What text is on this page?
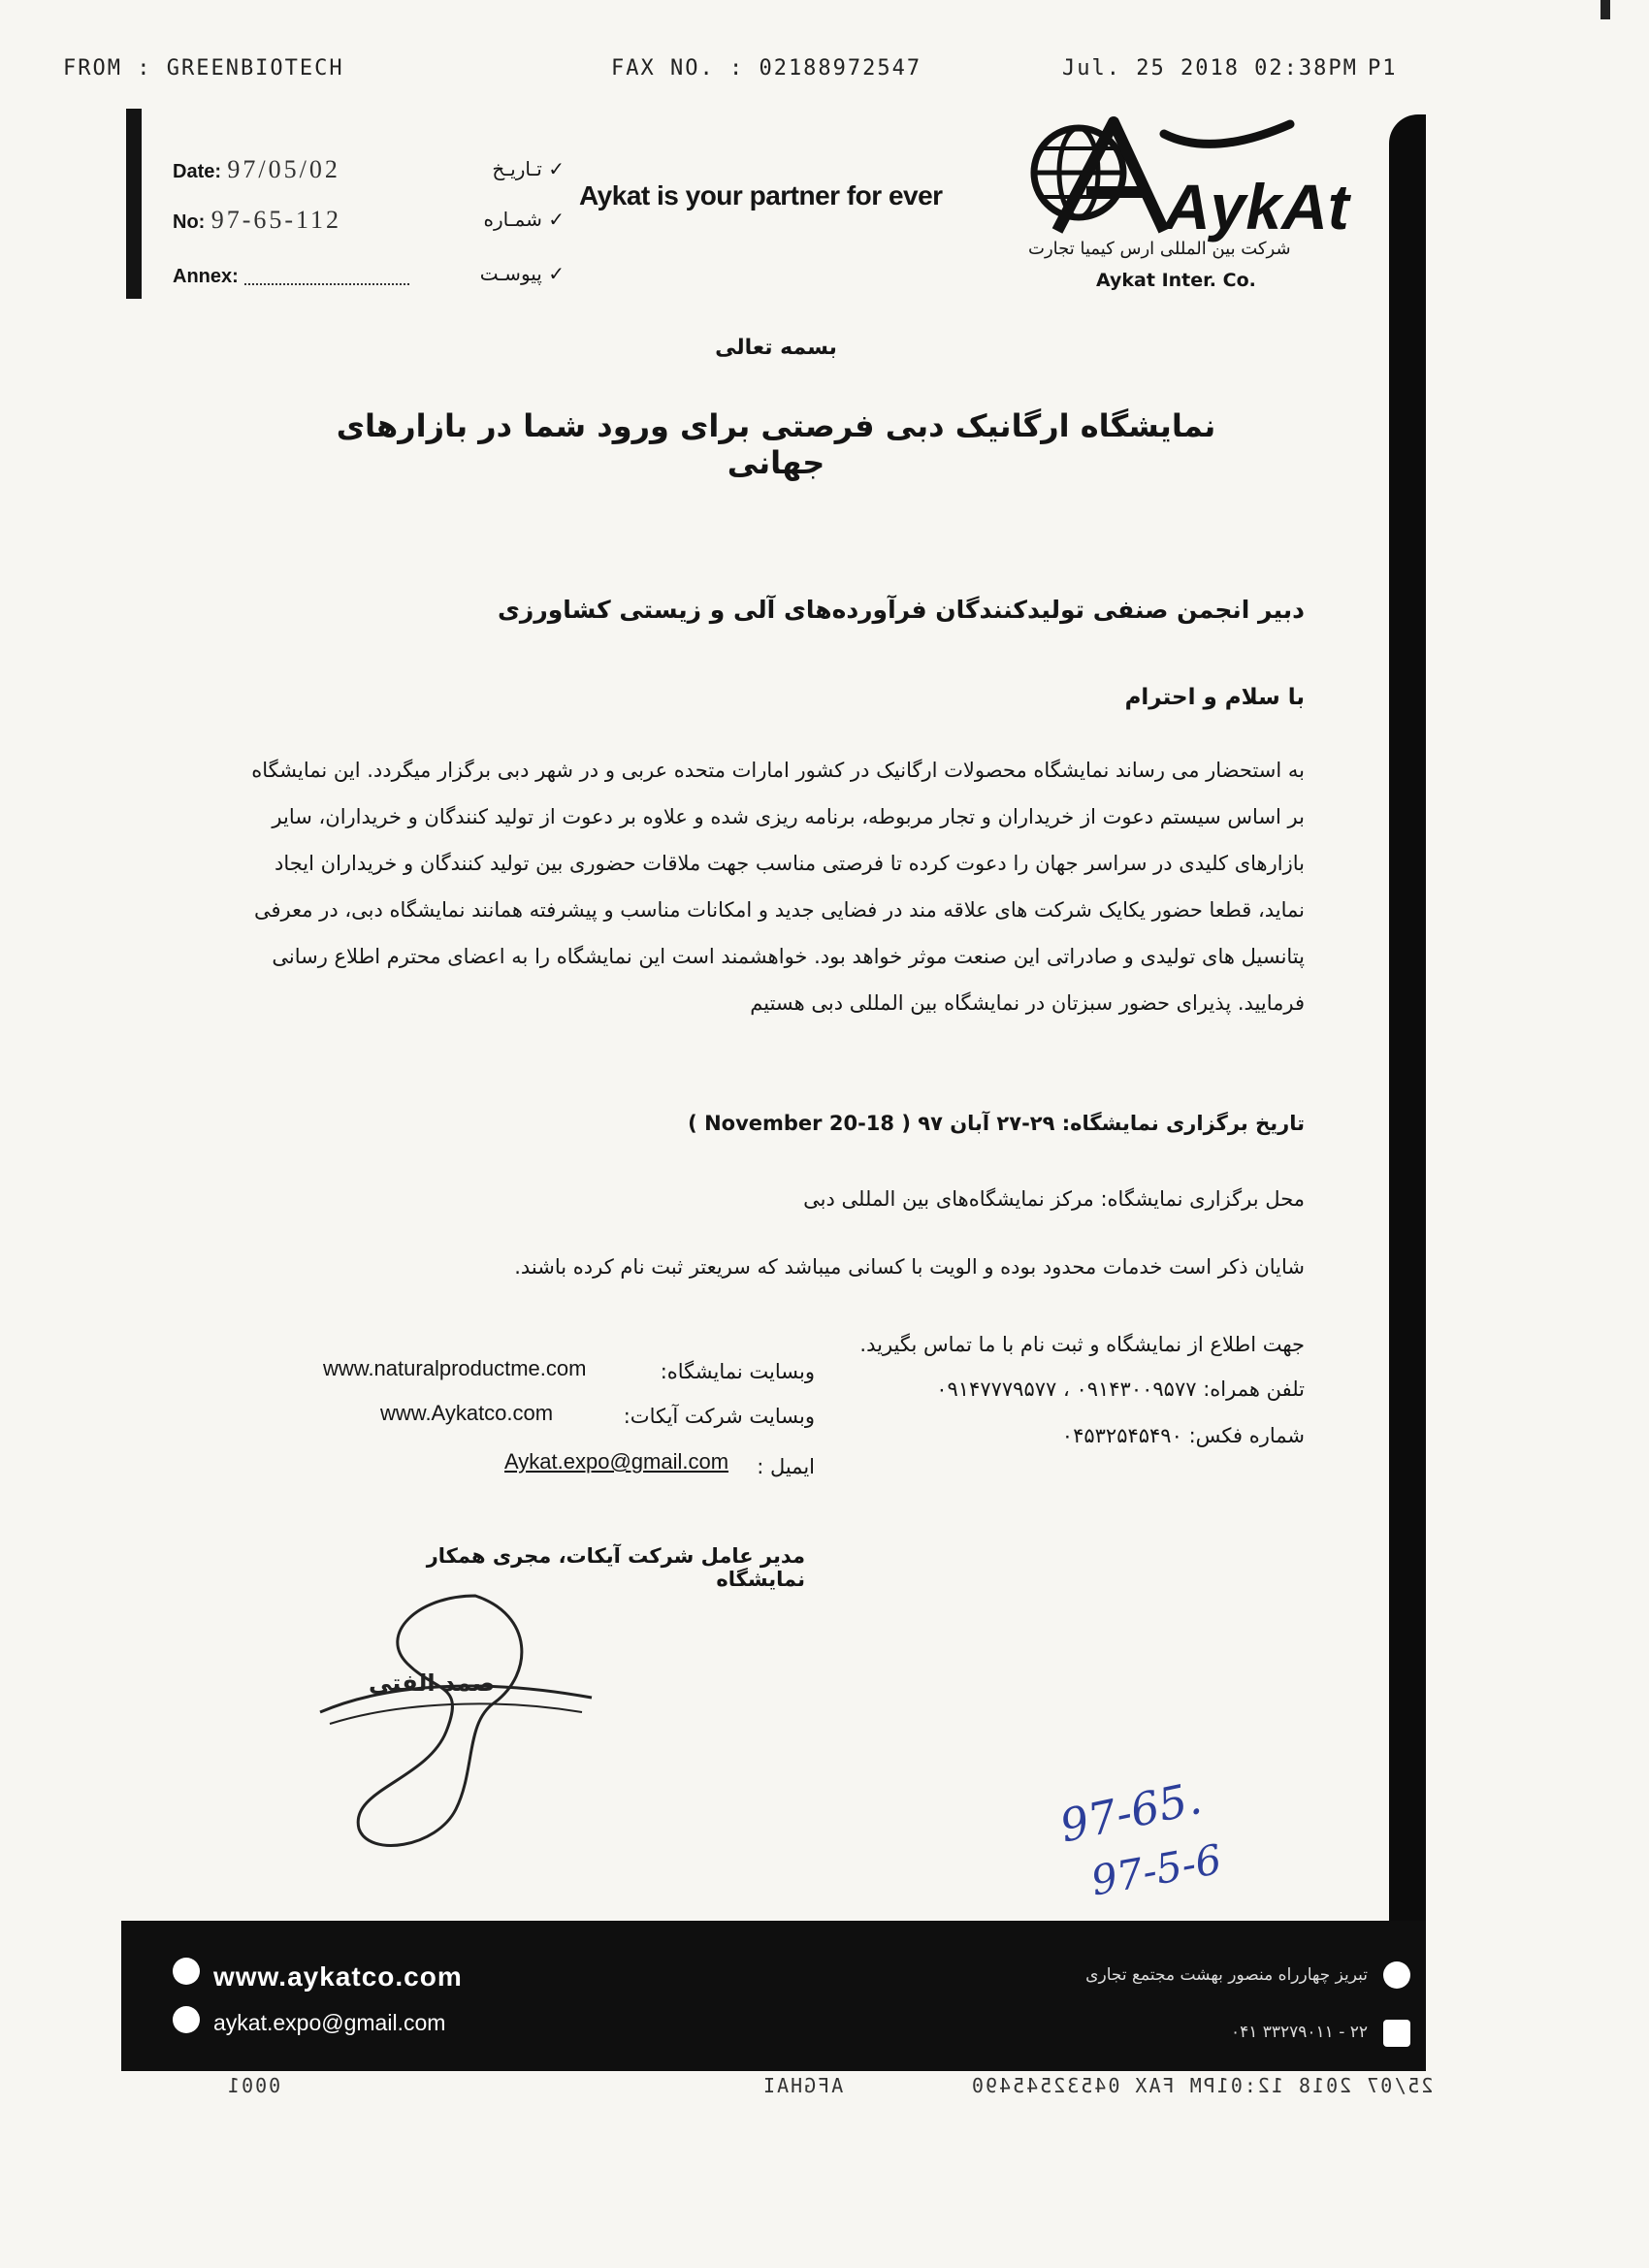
FROM : GREENBIOTECH	FAX NO. : 02188972547	Jul. 25 2018 02:38PM P1
Date: 97/05/02	✓ تـاریـخ
No: 97-65-112	✓ شمـاره
Annex:	✓ پیوسـت
Aykat is your partner for ever	AykAt
شرکت بین المللی ارس کیمیا تجارت
Aykat Inter. Co.
بسمه تعالی
نمایشگاه ارگانیک دبی فرصتی برای ورود شما در بازارهای جهانی
دبیر انجمن صنفی تولیدکنندگان فرآورده‌های آلی و زیستی کشاورزی
با سلام و احترام
به استحضار می رساند نمایشگاه محصولات ارگانیک در کشور امارات متحده عربی و در شهر دبی برگزار میگردد. این نمایشگاه
بر اساس سیستم دعوت از خریداران و تجار مربوطه، برنامه ریزی شده و علاوه بر دعوت از تولید کنندگان و خریداران، سایر
بازارهای کلیدی در سراسر جهان را دعوت کرده تا فرصتی مناسب جهت ملاقات حضوری بین تولید کنندگان و خریداران ایجاد
نماید، قطعا حضور یکایک شرکت های علاقه مند در فضایی جدید و امکانات مناسب و پیشرفته همانند نمایشگاه دبی، در معرفی
پتانسیل های تولیدی و صادراتی این صنعت موثر خواهد بود. خواهشمند است این نمایشگاه را به اعضای محترم اطلاع رسانی
فرمایید. پذیرای حضور سبزتان در نمایشگاه بین المللی دبی هستیم
تاریخ برگزاری نمایشگاه: ۲۹-۲۷ آبان ۹۷ ( 18-20 November )
محل برگزاری نمایشگاه: مرکز نمایشگاه‌های بین المللی دبی
شایان ذکر است خدمات محدود بوده و الویت با کسانی میباشد که سریعتر ثبت نام کرده باشند.
جهت اطلاع از نمایشگاه و ثبت نام با ما تماس بگیرید.
تلفن همراه: ۰۹۱۴۳۰۰۹۵۷۷ ، ۰۹۱۴۷۷۷۹۵۷۷
شماره فکس: ۰۴۵۳۲۵۴۵۴۹۰
وبسایت نمایشگاه:
www.naturalproductme.com
وبسایت شرکت آیکات:
www.Aykatco.com
ایمیل :
Aykat.expo@gmail.com
مدیر عامل شرکت آیکات، مجری همکار نمایشگاه
صمد الفتی
97-65.
97-5-6
www.aykatco.com
aykat.expo@gmail.com
تبریز چهارراه منصور بهشت مجتمع تجاری
۰۴۱ ۳۳۲۷۹۰۱۱ - ۲۲
25/07 2018 12:01PM FAX 04532545490
AFGHAI
0001
